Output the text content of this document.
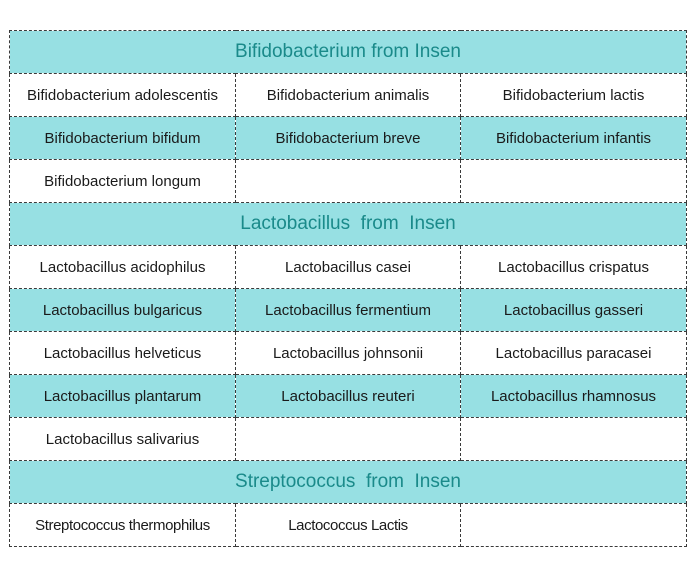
Bifidobacterium from Insen		
Bifidobacterium adolescentis	Bifidobacterium animalis	Bifidobacterium lactis
Bifidobacterium bifidum	Bifidobacterium breve	Bifidobacterium infantis
Bifidobacterium longum		
Lactobacillus  from  Insen		
Lactobacillus acidophilus	Lactobacillus casei	Lactobacillus crispatus
Lactobacillus bulgaricus	Lactobacillus fermentium	Lactobacillus gasseri
Lactobacillus helveticus	Lactobacillus johnsonii	Lactobacillus paracasei
Lactobacillus plantarum	Lactobacillus reuteri	Lactobacillus rhamnosus
Lactobacillus salivarius		
Streptococcus  from  Insen		
Streptococcus thermophilus	Lactococcus Lactis	
